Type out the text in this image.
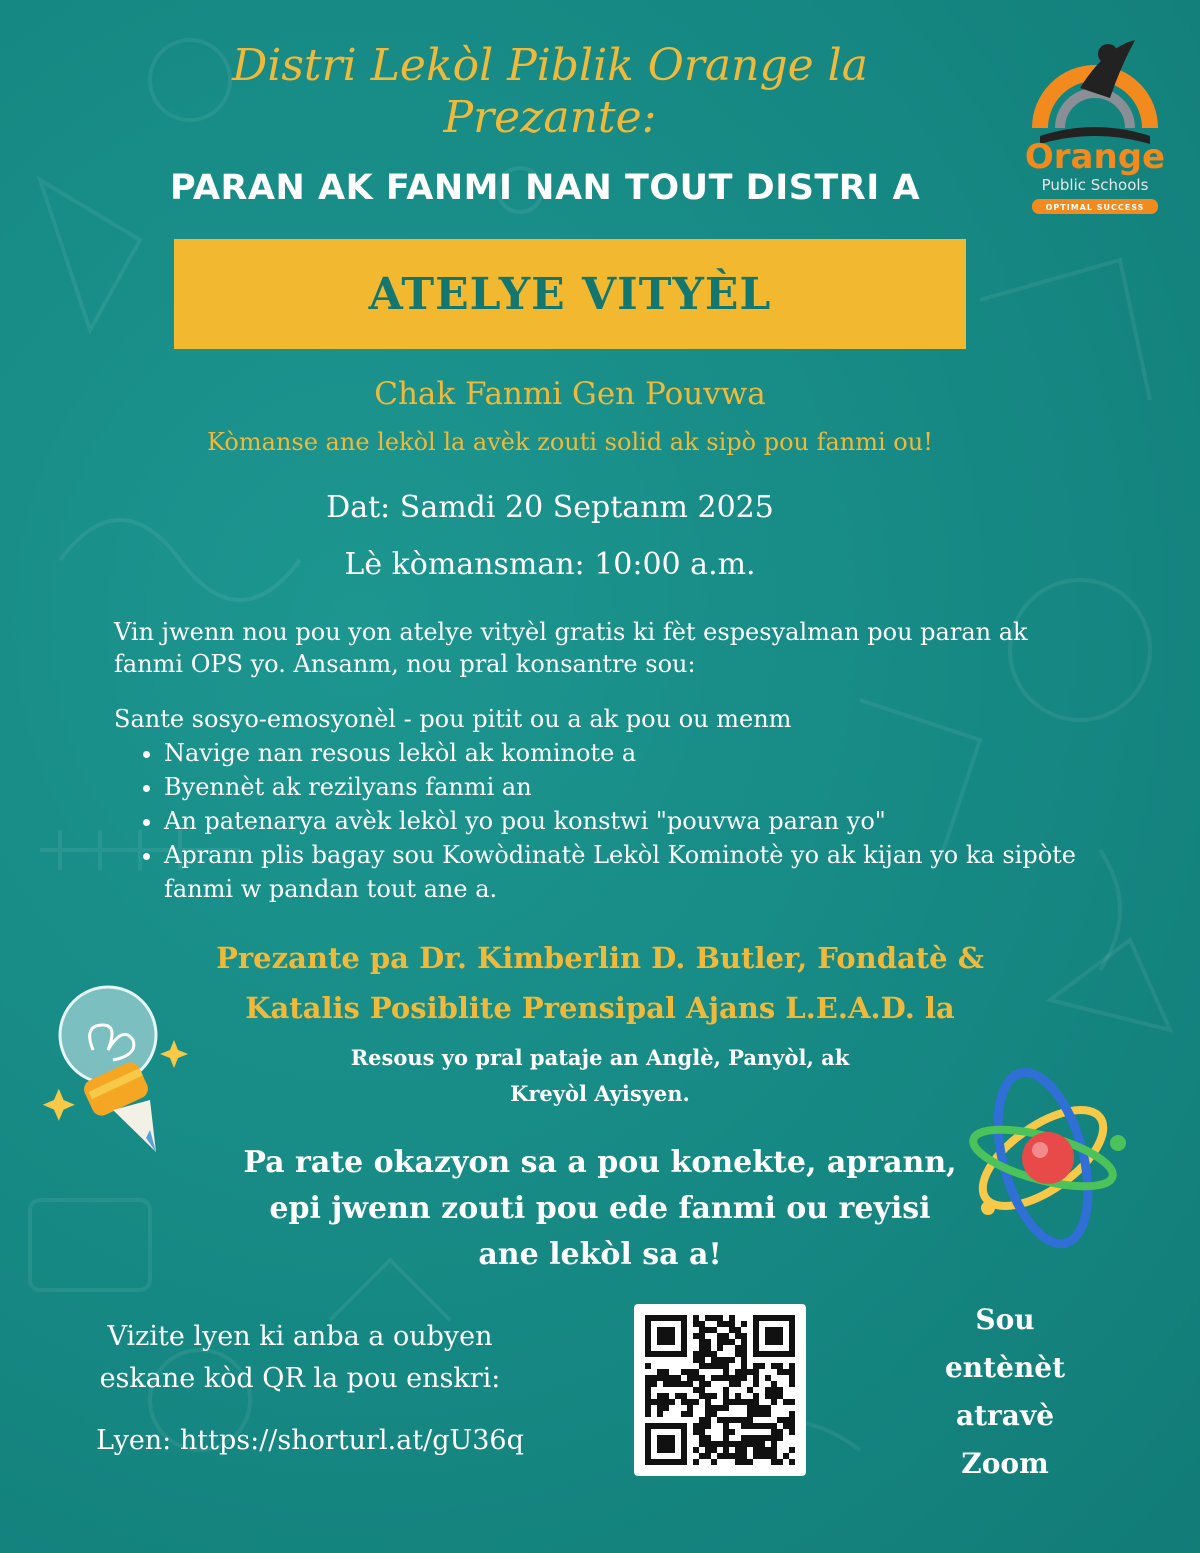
Orange
Public Schools
OPTIMAL SUCCESS
Distri Lekòl Piblik Orange la
Prezante:
PARAN AK FANMI NAN TOUT DISTRI A
ATELYE VITYÈL
Chak Fanmi Gen Pouvwa
Kòmanse ane lekòl la avèk zouti solid ak sipò pou fanmi ou!
Dat: Samdi 20 Septanm 2025
Lè kòmansman: 10:00 a.m.
Vin jwenn nou pou yon atelye vityèl gratis ki fèt espesyalman pou paran ak fanmi OPS yo. Ansanm, nou pral konsantre sou:
Sante sosyo-emosyonèl - pou pitit ou a ak pou ou menm
• Navige nan resous lekòl ak kominote a
• Byennèt ak rezilyans fanmi an
• An patenarya avèk lekòl yo pou konstwi "pouvwa paran yo"
• Aprann plis bagay sou Kowòdinatè Lekòl Kominotè yo ak kijan yo ka sipòte fanmi w pandan tout ane a.
Prezante pa Dr. Kimberlin D. Butler, Fondatè &
Katalis Posiblite Prensipal Ajans L.E.A.D. la
Resous yo pral pataje an Anglè, Panyòl, ak
Kreyòl Ayisyen.
Pa rate okazyon sa a pou konekte, aprann,
epi jwenn zouti pou ede fanmi ou reyisi
ane lekòl sa a!
Vizite lyen ki anba a oubyen
eskane kòd QR la pou enskri:
Lyen: https://shorturl.at/gU36q
Sou
entènèt
atravè
Zoom
